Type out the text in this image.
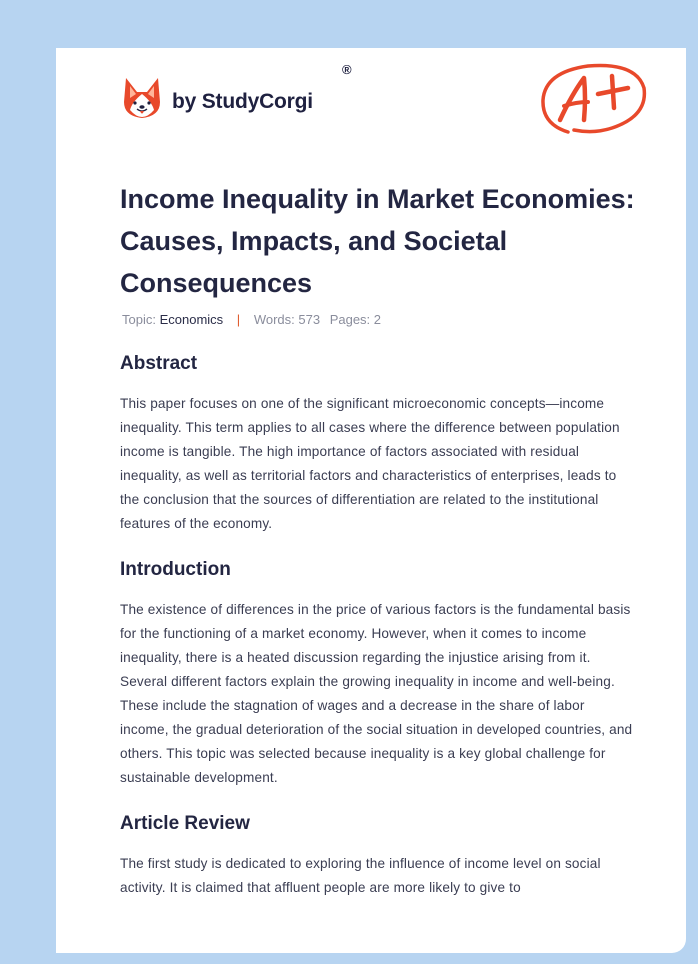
by StudyCorgi
®
Income Inequality in Market Economies: Causes, Impacts, and Societal Consequences
Topic: Economics | Words: 573 Pages: 2
Abstract

This paper focuses on one of the significant microeconomic concepts—income inequality. This term applies to all cases where the difference between population income is tangible. The high importance of factors associated with residual inequality, as well as territorial factors and characteristics of enterprises, leads to the conclusion that the sources of differentiation are related to the institutional features of the economy.

Introduction

The existence of differences in the price of various factors is the fundamental basis for the functioning of a market economy. However, when it comes to income inequality, there is a heated discussion regarding the injustice arising from it. Several different factors explain the growing inequality in income and well-being. These include the stagnation of wages and a decrease in the share of labor income, the gradual deterioration of the social situation in developed countries, and others. This topic was selected because inequality is a key global challenge for sustainable development.

Article Review

The first study is dedicated to exploring the influence of income level on social activity. It is claimed that affluent people are more likely to give to
